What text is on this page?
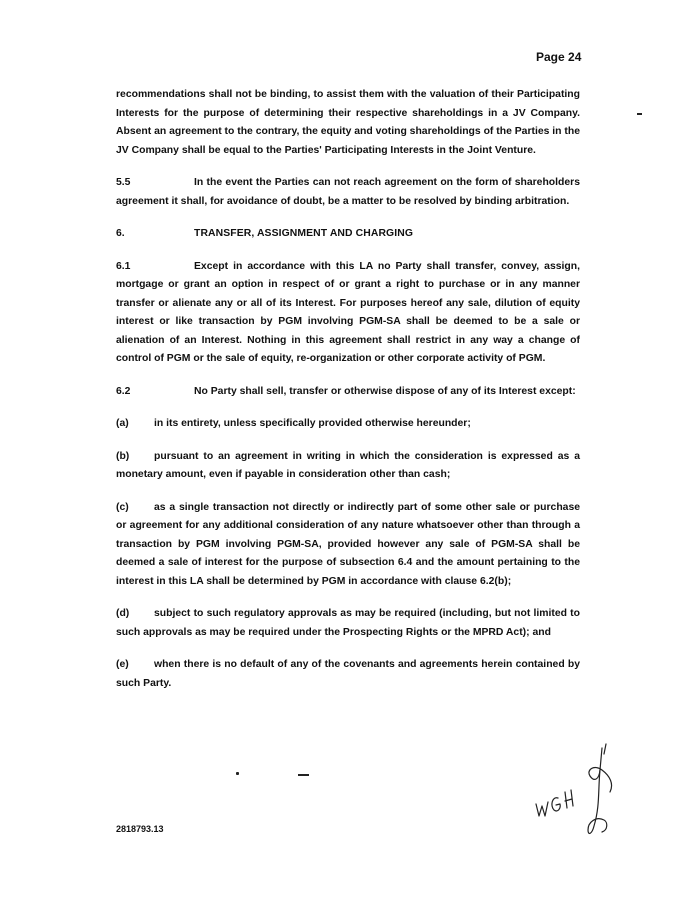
Page 24

recommendations shall not be binding, to assist them with the valuation of their Participating Interests for the purpose of determining their respective shareholdings in a JV Company. Absent an agreement to the contrary, the equity and voting shareholdings of the Parties in the JV Company shall be equal to the Parties' Participating Interests in the Joint Venture.

5.5	In the event the Parties can not reach agreement on the form of shareholders agreement it shall, for avoidance of doubt, be a matter to be resolved by binding arbitration.

6.	TRANSFER, ASSIGNMENT AND CHARGING

6.1	Except in accordance with this LA no Party shall transfer, convey, assign, mortgage or grant an option in respect of or grant a right to purchase or in any manner transfer or alienate any or all of its Interest. For purposes hereof any sale, dilution of equity interest or like transaction by PGM involving PGM-SA shall be deemed to be a sale or alienation of an Interest. Nothing in this agreement shall restrict in any way a change of control of PGM or the sale of equity, re-organization or other corporate activity of PGM.

6.2	No Party shall sell, transfer or otherwise dispose of any of its Interest except:

(a) in its entirety, unless specifically provided otherwise hereunder;

(b) pursuant to an agreement in writing in which the consideration is expressed as a monetary amount, even if payable in consideration other than cash;

(c) as a single transaction not directly or indirectly part of some other sale or purchase or agreement for any additional consideration of any nature whatsoever other than through a transaction by PGM involving PGM-SA, provided however any sale of PGM-SA shall be deemed a sale of interest for the purpose of subsection 6.4 and the amount pertaining to the interest in this LA shall be determined by PGM in accordance with clause 6.2(b);

(d) subject to such regulatory approvals as may be required (including, but not limited to such approvals as may be required under the Prospecting Rights or the MPRD Act); and

(e) when there is no default of any of the covenants and agreements herein contained by such Party.

2818793.13
